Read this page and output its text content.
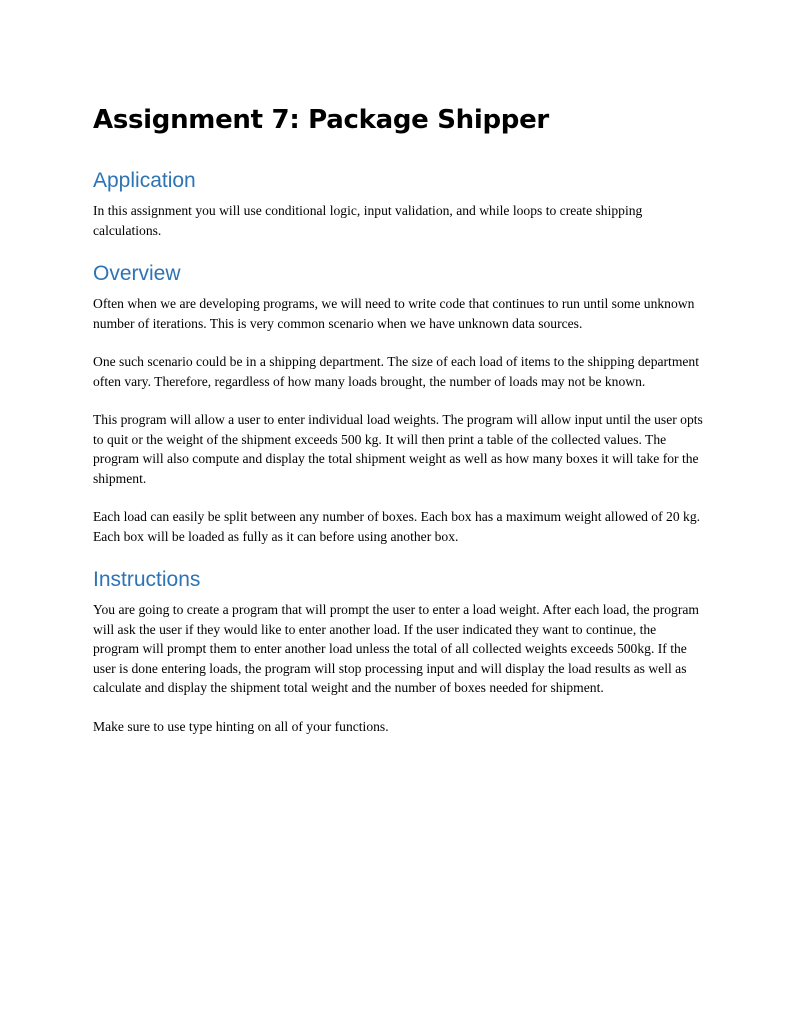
Assignment 7: Package Shipper
Application

In this assignment you will use conditional logic, input validation, and while loops to create shipping calculations.

Overview

Often when we are developing programs, we will need to write code that continues to run until some unknown number of iterations. This is very common scenario when we have unknown data sources.

One such scenario could be in a shipping department. The size of each load of items to the shipping department often vary. Therefore, regardless of how many loads brought, the number of loads may not be known.

This program will allow a user to enter individual load weights. The program will allow input until the user opts to quit or the weight of the shipment exceeds 500 kg. It will then print a table of the collected values. The program will also compute and display the total shipment weight as well as how many boxes it will take for the shipment.

Each load can easily be split between any number of boxes. Each box has a maximum weight allowed of 20 kg. Each box will be loaded as fully as it can before using another box.

Instructions

You are going to create a program that will prompt the user to enter a load weight. After each load, the program will ask the user if they would like to enter another load. If the user indicated they want to continue, the program will prompt them to enter another load unless the total of all collected weights exceeds 500kg. If the user is done entering loads, the program will stop processing input and will display the load results as well as calculate and display the shipment total weight and the number of boxes needed for shipment.

Make sure to use type hinting on all of your functions.
